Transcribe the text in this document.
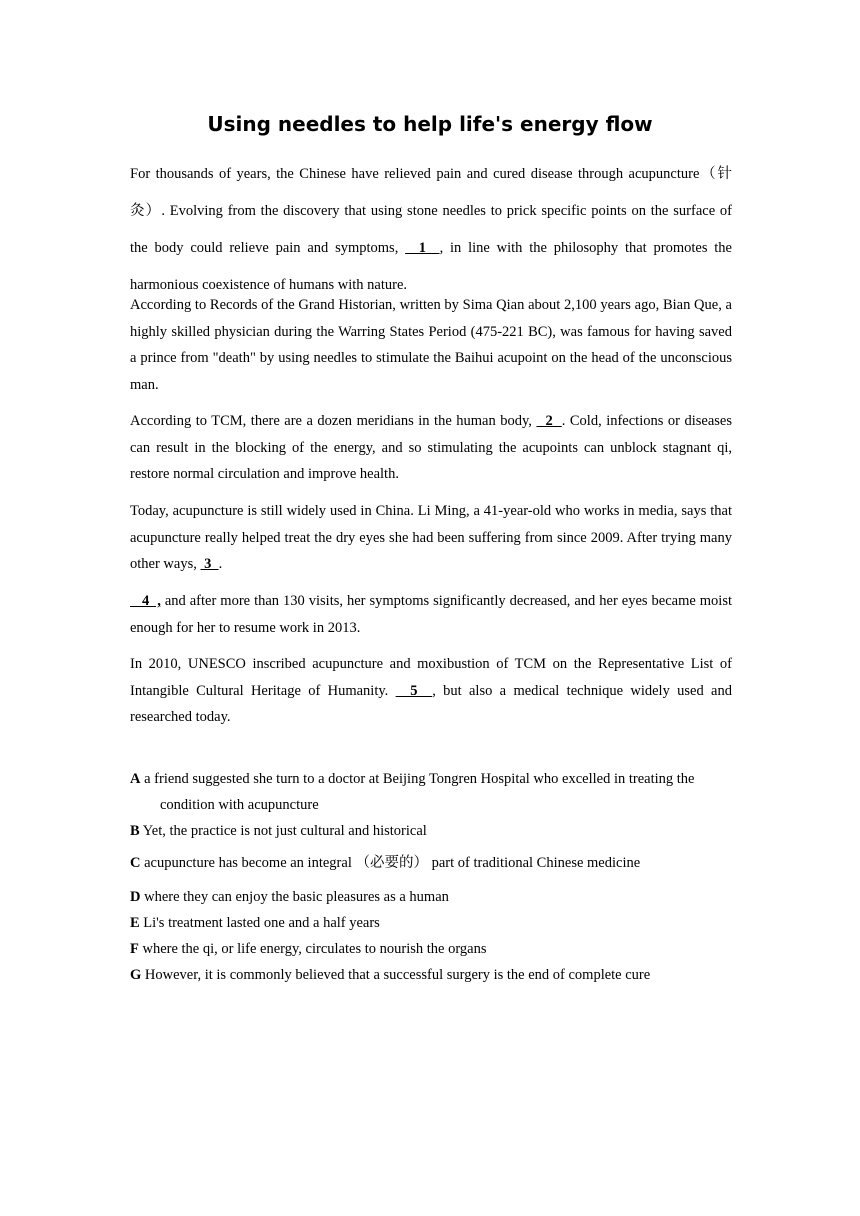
Using needles to help life's energy flow

For thousands of years, the Chinese have relieved pain and cured disease through acupuncture（针灸）. Evolving from the discovery that using stone needles to prick specific points on the surface of the body could relieve pain and symptoms,   1  , in line with the philosophy that promotes the harmonious coexistence of humans with nature.

According to Records of the Grand Historian, written by Sima Qian about 2,100 years ago, Bian Que, a highly skilled physician during the Warring States Period (475-221 BC), was famous for having saved a prince from "death" by using needles to stimulate the Baihui acupoint on the head of the unconscious man.

According to TCM, there are a dozen meridians in the human body,   2  . Cold, infections or diseases can result in the blocking of the energy, and so stimulating the acupoints can unblock stagnant qi, restore normal circulation and improve health.

Today, acupuncture is still widely used in China. Li Ming, a 41-year-old who works in media, says that acupuncture really helped treat the dry eyes she had been suffering from since 2009. After trying many other ways,  3  .

4  , and after more than 130 visits, her symptoms significantly decreased, and her eyes became moist enough for her to resume work in 2013.

In 2010, UNESCO inscribed acupuncture and moxibustion of TCM on the Representative List of Intangible Cultural Heritage of Humanity.   5  , but also a medical technique widely used and researched today.

A a friend suggested she turn to a doctor at Beijing Tongren Hospital who excelled in treating the condition with acupuncture
B Yet, the practice is not just cultural and historical
C acupuncture has become an integral （必要的） part of traditional Chinese medicine
D where they can enjoy the basic pleasures as a human
E Li's treatment lasted one and a half years
F where the qi, or life energy, circulates to nourish the organs
G However, it is commonly believed that a successful surgery is the end of complete cure
